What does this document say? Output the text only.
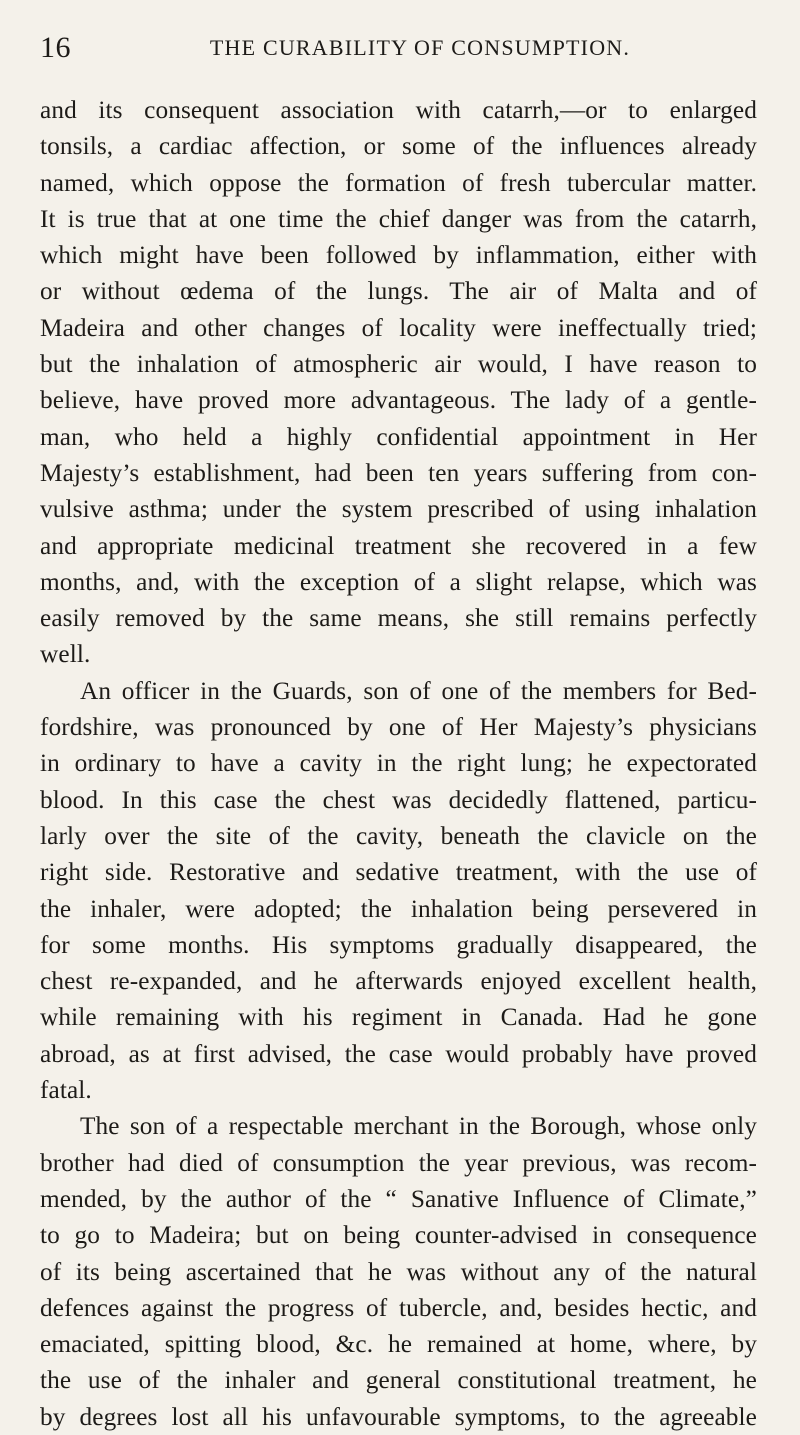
16	THE CURABILITY OF CONSUMPTION.
and its consequent association with catarrh,—or to enlarged
tonsils, a cardiac affection, or some of the influences already
named, which oppose the formation of fresh tubercular matter.
It is true that at one time the chief danger was from the catarrh,
which might have been followed by inflammation, either with
or without œdema of the lungs. The air of Malta and of
Madeira and other changes of locality were ineffectually tried;
but the inhalation of atmospheric air would, I have reason to
believe, have proved more advantageous. The lady of a gentle-
man, who held a highly confidential appointment in Her
Majesty’s establishment, had been ten years suffering from con-
vulsive asthma; under the system prescribed of using inhalation
and appropriate medicinal treatment she recovered in a few
months, and, with the exception of a slight relapse, which was
easily removed by the same means, she still remains perfectly
well.
An officer in the Guards, son of one of the members for Bed-
fordshire, was pronounced by one of Her Majesty’s physicians
in ordinary to have a cavity in the right lung; he expectorated
blood. In this case the chest was decidedly flattened, particu-
larly over the site of the cavity, beneath the clavicle on the
right side. Restorative and sedative treatment, with the use of
the inhaler, were adopted; the inhalation being persevered in
for some months. His symptoms gradually disappeared, the
chest re-expanded, and he afterwards enjoyed excellent health,
while remaining with his regiment in Canada. Had he gone
abroad, as at first advised, the case would probably have proved
fatal.
The son of a respectable merchant in the Borough, whose only
brother had died of consumption the year previous, was recom-
mended, by the author of the “ Sanative Influence of Climate,”
to go to Madeira; but on being counter-advised in consequence
of its being ascertained that he was without any of the natural
defences against the progress of tubercle, and, besides hectic, and
emaciated, spitting blood, &c. he remained at home, where, by
the use of the inhaler and general constitutional treatment, he
by degrees lost all his unfavourable symptoms, to the agreeable
